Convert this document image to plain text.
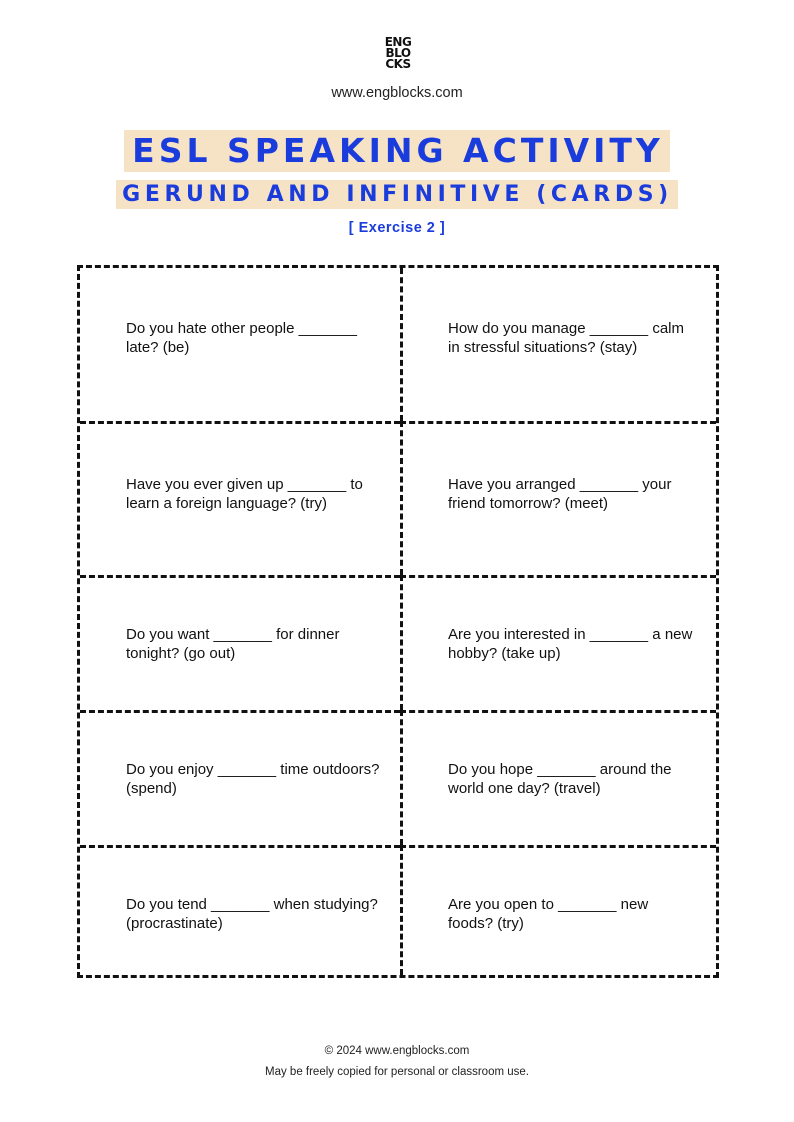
ENG
BLO
CKS
www.engblocks.com
ESL SPEAKING ACTIVITY
GERUND AND INFINITIVE (CARDS)
[ Exercise 2 ]
Do you hate other people _______ late? (be)
How do you manage _______ calm in stressful situations? (stay)
Have you ever given up _______ to learn a foreign language? (try)
Have you arranged _______ your friend tomorrow? (meet)
Do you want _______ for dinner tonight? (go out)
Are you interested in _______ a new hobby? (take up)
Do you enjoy _______ time outdoors? (spend)
Do you hope _______ around the world one day? (travel)
Do you tend _______ when studying? (procrastinate)
Are you open to _______ new foods? (try)
© 2024 www.engblocks.com
May be freely copied for personal or classroom use.
